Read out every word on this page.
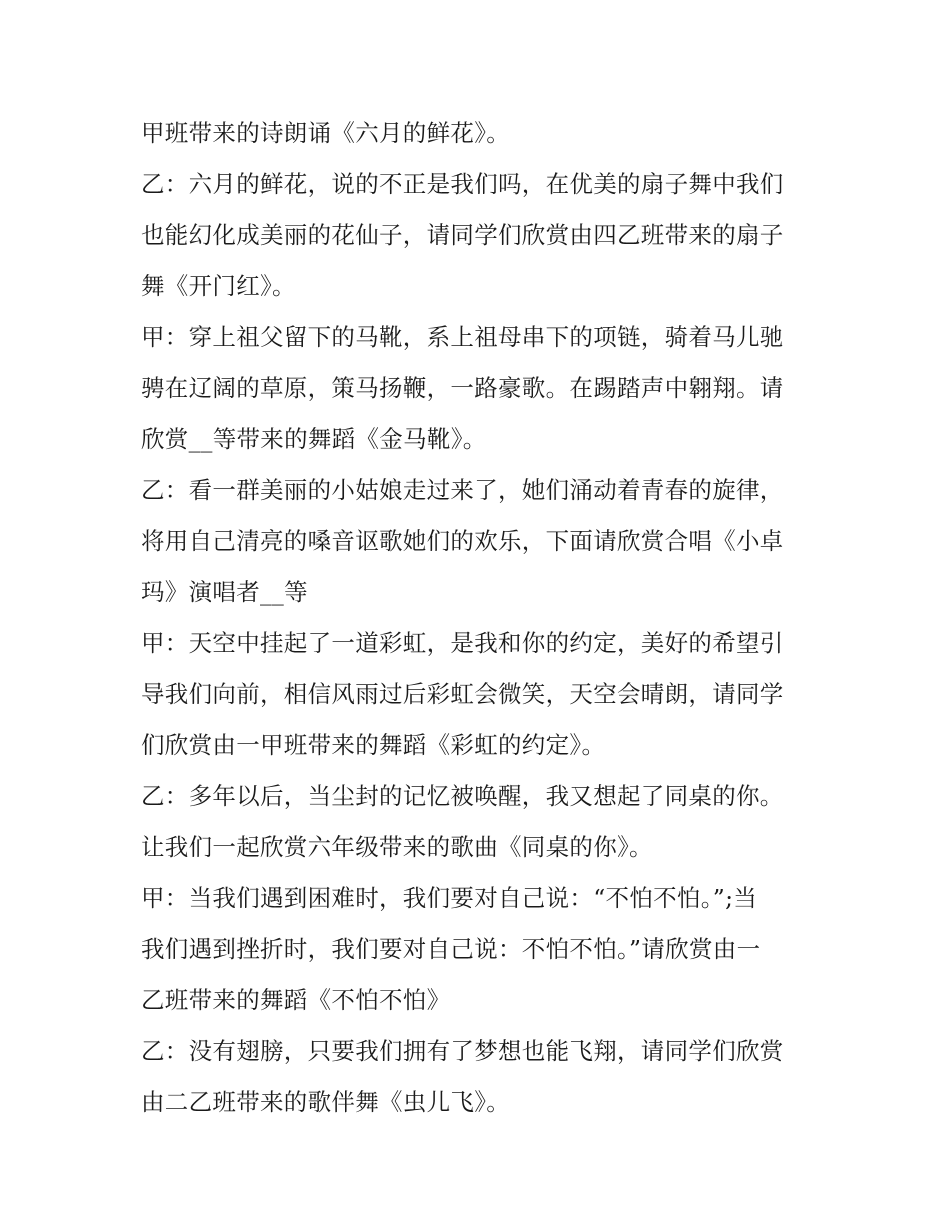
甲班带来的诗朗诵《六月的鲜花》。
乙：六月的鲜花，说的不正是我们吗，在优美的扇子舞中我们
也能幻化成美丽的花仙子，请同学们欣赏由四乙班带来的扇子
舞《开门红》。
甲：穿上祖父留下的马靴，系上祖母串下的项链，骑着马儿驰
骋在辽阔的草原，策马扬鞭，一路豪歌。在踢踏声中翱翔。请
欣赏__等带来的舞蹈《金马靴》。
乙：看一群美丽的小姑娘走过来了，她们涌动着青春的旋律，
将用自己清亮的嗓音讴歌她们的欢乐，下面请欣赏合唱《小卓
玛》演唱者__等
甲：天空中挂起了一道彩虹，是我和你的约定，美好的希望引
导我们向前，相信风雨过后彩虹会微笑，天空会晴朗，请同学
们欣赏由一甲班带来的舞蹈《彩虹的约定》。
乙：多年以后，当尘封的记忆被唤醒，我又想起了同桌的你。
让我们一起欣赏六年级带来的歌曲《同桌的你》。
甲：当我们遇到困难时，我们要对自己说：“不怕不怕。”;当
我们遇到挫折时，我们要对自己说：不怕不怕。”请欣赏由一
乙班带来的舞蹈《不怕不怕》
乙：没有翅膀，只要我们拥有了梦想也能飞翔，请同学们欣赏
由二乙班带来的歌伴舞《虫儿飞》。
